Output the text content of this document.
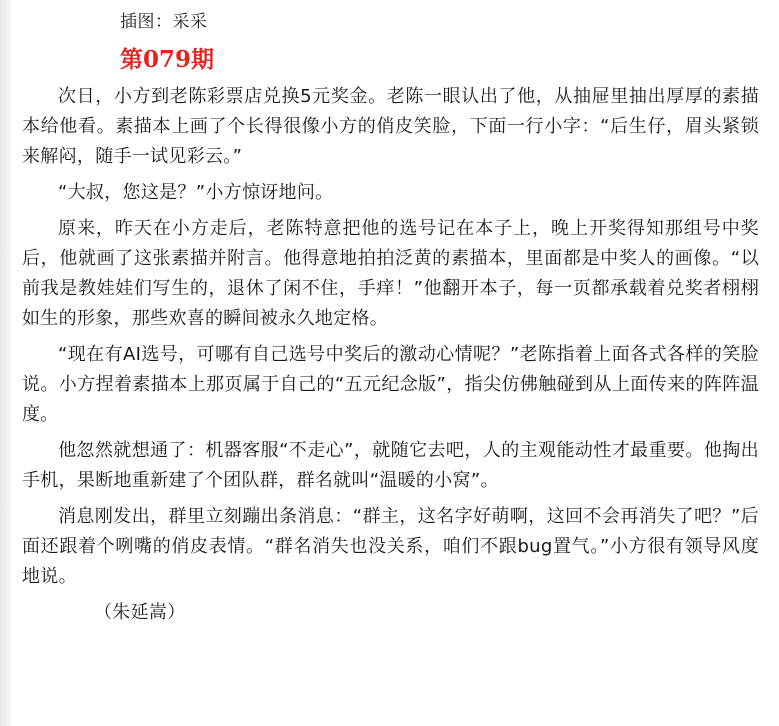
插图：采采
第079期

次日，小方到老陈彩票店兑换5元奖金。老陈一眼认出了他，从抽屉里抽出厚厚的素描本给他看。素描本上画了个长得很像小方的俏皮笑脸，下面一行小字：“后生仔，眉头紧锁来解闷，随手一试见彩云。”

“大叔，您这是？”小方惊讶地问。

原来，昨天在小方走后，老陈特意把他的选号记在本子上，晚上开奖得知那组号中奖后，他就画了这张素描并附言。他得意地拍拍泛黄的素描本，里面都是中奖人的画像。“以前我是教娃娃们写生的，退休了闲不住，手痒！”他翻开本子，每一页都承载着兑奖者栩栩如生的形象，那些欢喜的瞬间被永久地定格。

“现在有AI选号，可哪有自己选号中奖后的激动心情呢？”老陈指着上面各式各样的笑脸说。小方捏着素描本上那页属于自己的“五元纪念版”，指尖仿佛触碰到从上面传来的阵阵温度。

他忽然就想通了：机器客服“不走心”，就随它去吧，人的主观能动性才最重要。他掏出手机，果断地重新建了个团队群，群名就叫“温暖的小窝”。

消息刚发出，群里立刻蹦出条消息：“群主，这名字好萌啊，这回不会再消失了吧？”后面还跟着个咧嘴的俏皮表情。“群名消失也没关系，咱们不跟bug置气。”小方很有领导风度地说。

（朱延嵩）
